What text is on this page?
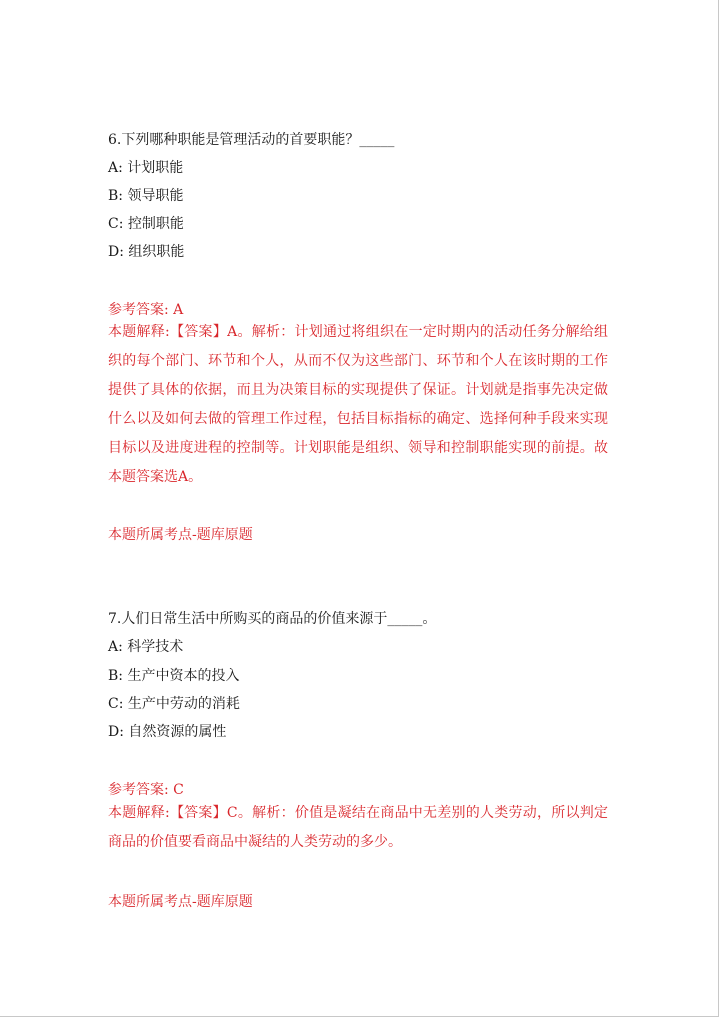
6.下列哪种职能是管理活动的首要职能？_____
A: 计划职能
B: 领导职能
C: 控制职能
D: 组织职能
参考答案: A
本题解释:【答案】A。解析：计划通过将组织在一定时期内的活动任务分解给组织的每个部门、环节和个人，从而不仅为这些部门、环节和个人在该时期的工作提供了具体的依据，而且为决策目标的实现提供了保证。计划就是指事先决定做什么以及如何去做的管理工作过程，包括目标指标的确定、选择何种手段来实现目标以及进度进程的控制等。计划职能是组织、领导和控制职能实现的前提。故本题答案选A。
本题所属考点-题库原题
7.人们日常生活中所购买的商品的价值来源于_____。
A: 科学技术
B: 生产中资本的投入
C: 生产中劳动的消耗
D: 自然资源的属性
参考答案: C
本题解释:【答案】C。解析：价值是凝结在商品中无差别的人类劳动，所以判定商品的价值要看商品中凝结的人类劳动的多少。
本题所属考点-题库原题
